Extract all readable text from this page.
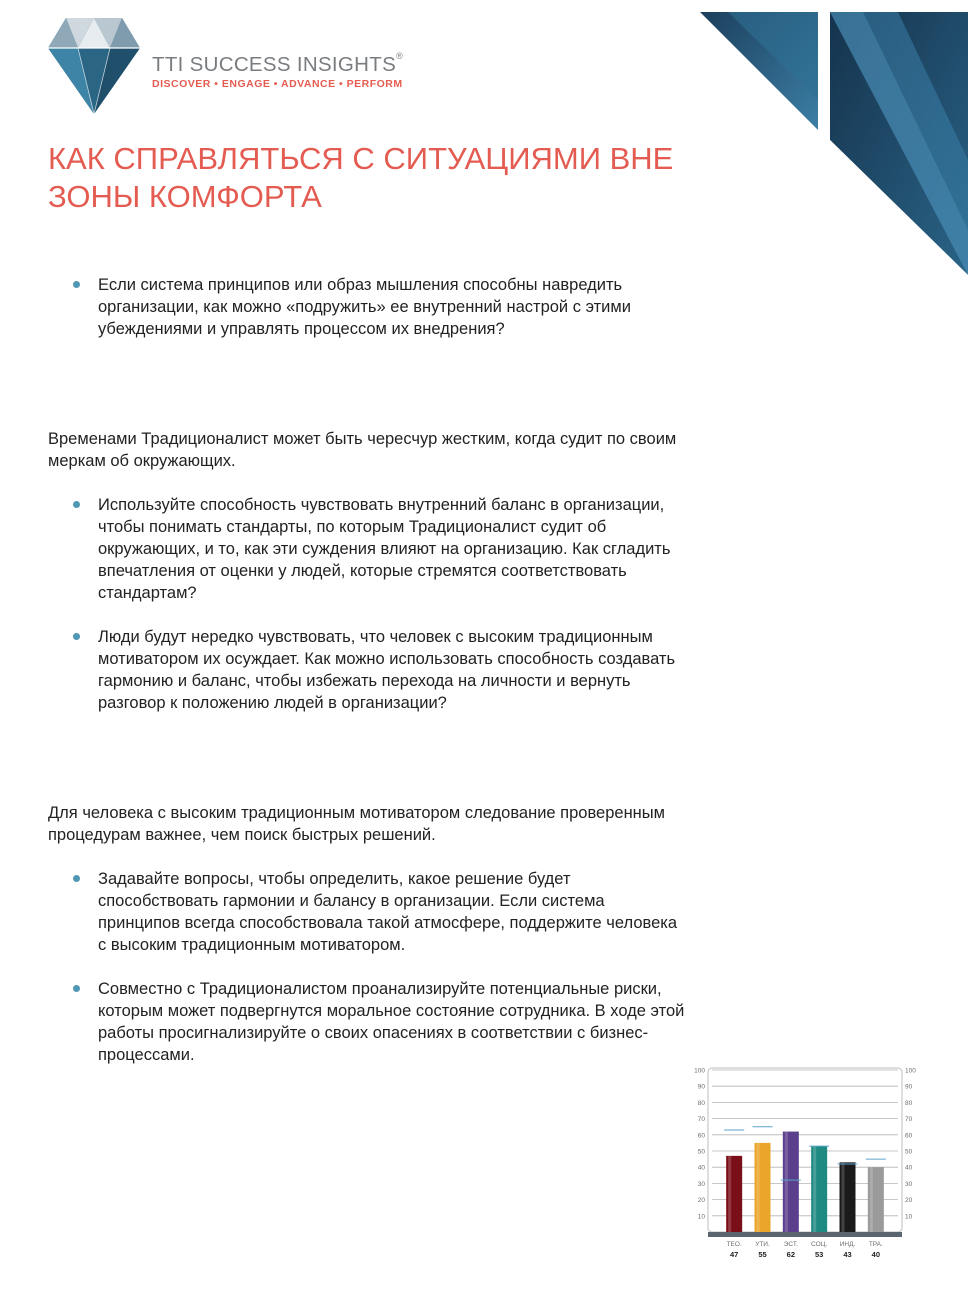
TTI SUCCESS INSIGHTS®
DISCOVER • ENGAGE • ADVANCE • PERFORM
КАК СПРАВЛЯТЬСЯ С СИТУАЦИЯМИ ВНЕ
ЗОНЫ КОМФОРТА
Если система принципов или образ мышления способны навредить организации, как можно «подружить» ее внутренний настрой с этими убеждениями и управлять процессом их внедрения?

Временами Традиционалист может быть чересчур жестким, когда судит по своим меркам об окружающих.

Используйте способность чувствовать внутренний баланс в организации, чтобы понимать стандарты, по которым Традиционалист судит об окружающих, и то, как эти суждения влияют на организацию. Как сгладить впечатления от оценки у людей, которые стремятся соответствовать стандартам?
Люди будут нередко чувствовать, что человек с высоким традиционным мотиватором их осуждает. Как можно использовать способность создавать гармонию и баланс, чтобы избежать перехода на личности и вернуть разговор к положению людей в организации?

Для человека с высоким традиционным мотиватором следование проверенным процедурам важнее, чем поиск быстрых решений.

Задавайте вопросы, чтобы определить, какое решение будет способствовать гармонии и балансу в организации. Если система принципов всегда способствовала такой атмосфере, поддержите человека с высоким традиционным мотиватором.
Совместно с Традиционалистом проанализируйте потенциальные риски, которым может подвергнутся моральное состояние сотрудника. В ходе этой работы просигнализируйте о своих опасениях в соответствии с бизнес-процессами.
10	10
20	20
30	30
40	40
50	50
60	60
70	70
80	80
90	90
100	100
ТЕО.
47
УТИ.
55
ЭСТ.
62
СОЦ.
53
ИНД.
43
ТРА.
40
